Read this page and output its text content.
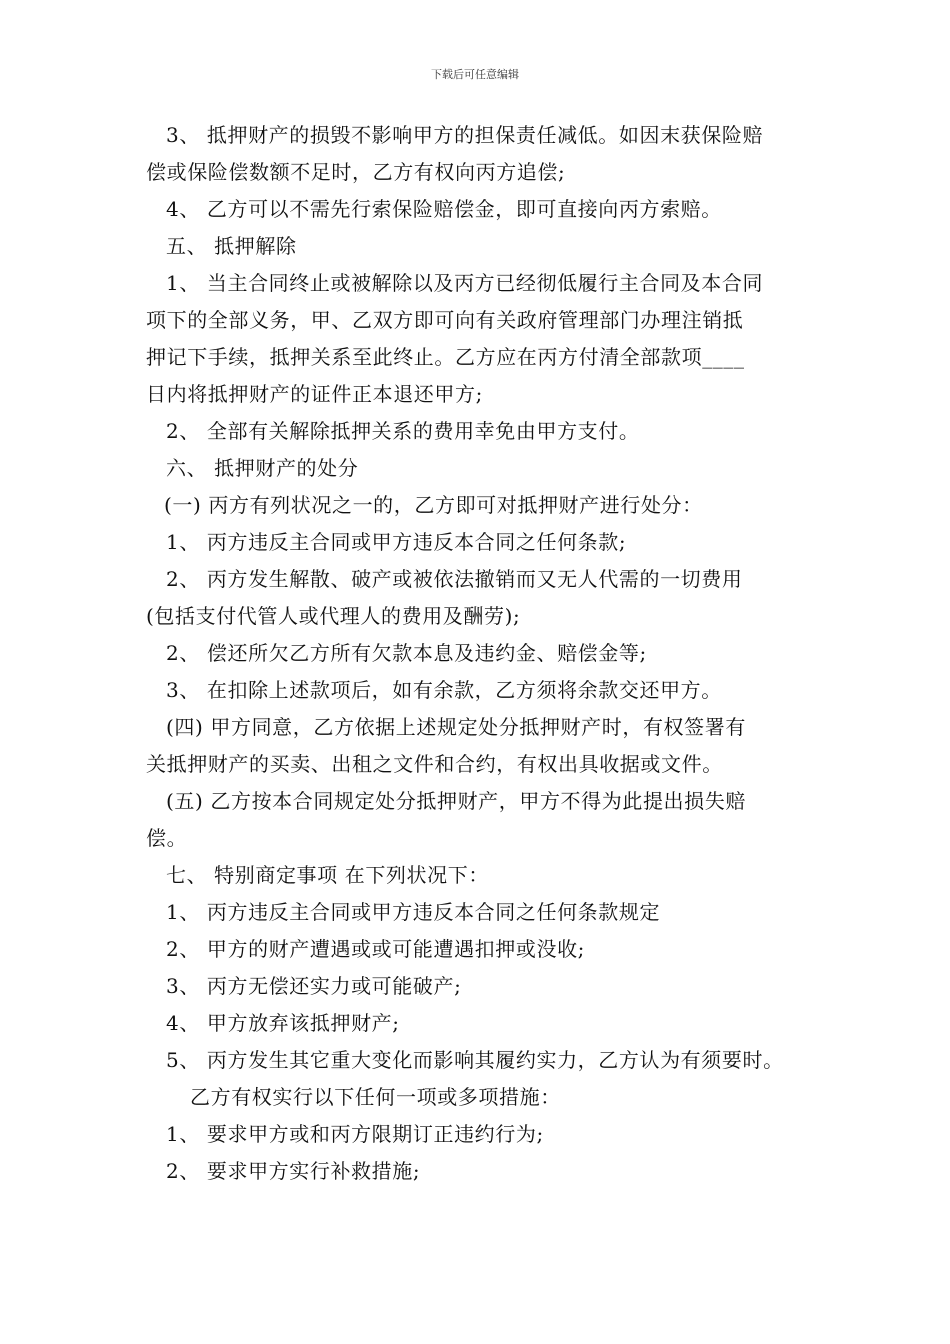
下载后可任意编辑
3、 抵押财产的损毁不影响甲方的担保责任减低。如因末获保险赔
偿或保险偿数额不足时，乙方有权向丙方追偿;
4、 乙方可以不需先行索保险赔偿金，即可直接向丙方索赔。
五、 抵押解除
1、 当主合同终止或被解除以及丙方已经彻低履行主合同及本合同
项下的全部义务，甲、乙双方即可向有关政府管理部门办理注销抵
押记下手续，抵押关系至此终止。乙方应在丙方付清全部款项____
日内将抵押财产的证件正本退还甲方;
2、 全部有关解除抵押关系的费用幸免由甲方支付。
六、 抵押财产的处分
(一) 丙方有列状况之一的，乙方即可对抵押财产进行处分：
1、 丙方违反主合同或甲方违反本合同之任何条款;
2、 丙方发生解散、破产或被依法撤销而又无人代需的一切费用
(包括支付代管人或代理人的费用及酬劳);
2、 偿还所欠乙方所有欠款本息及违约金、赔偿金等;
3、 在扣除上述款项后，如有余款，乙方须将余款交还甲方。
(四) 甲方同意，乙方依据上述规定处分抵押财产时，有权签署有
关抵押财产的买卖、出租之文件和合约，有权出具收据或文件。
(五) 乙方按本合同规定处分抵押财产，甲方不得为此提出损失赔
偿。
七、 特别商定事项 在下列状况下：
1、 丙方违反主合同或甲方违反本合同之任何条款规定
2、 甲方的财产遭遇或或可能遭遇扣押或没收;
3、 丙方无偿还实力或可能破产;
4、 甲方放弃该抵押财产;
5、 丙方发生其它重大变化而影响其履约实力，乙方认为有须要时。
乙方有权实行以下任何一项或多项措施：
1、 要求甲方或和丙方限期订正违约行为;
2、 要求甲方实行补救措施;
